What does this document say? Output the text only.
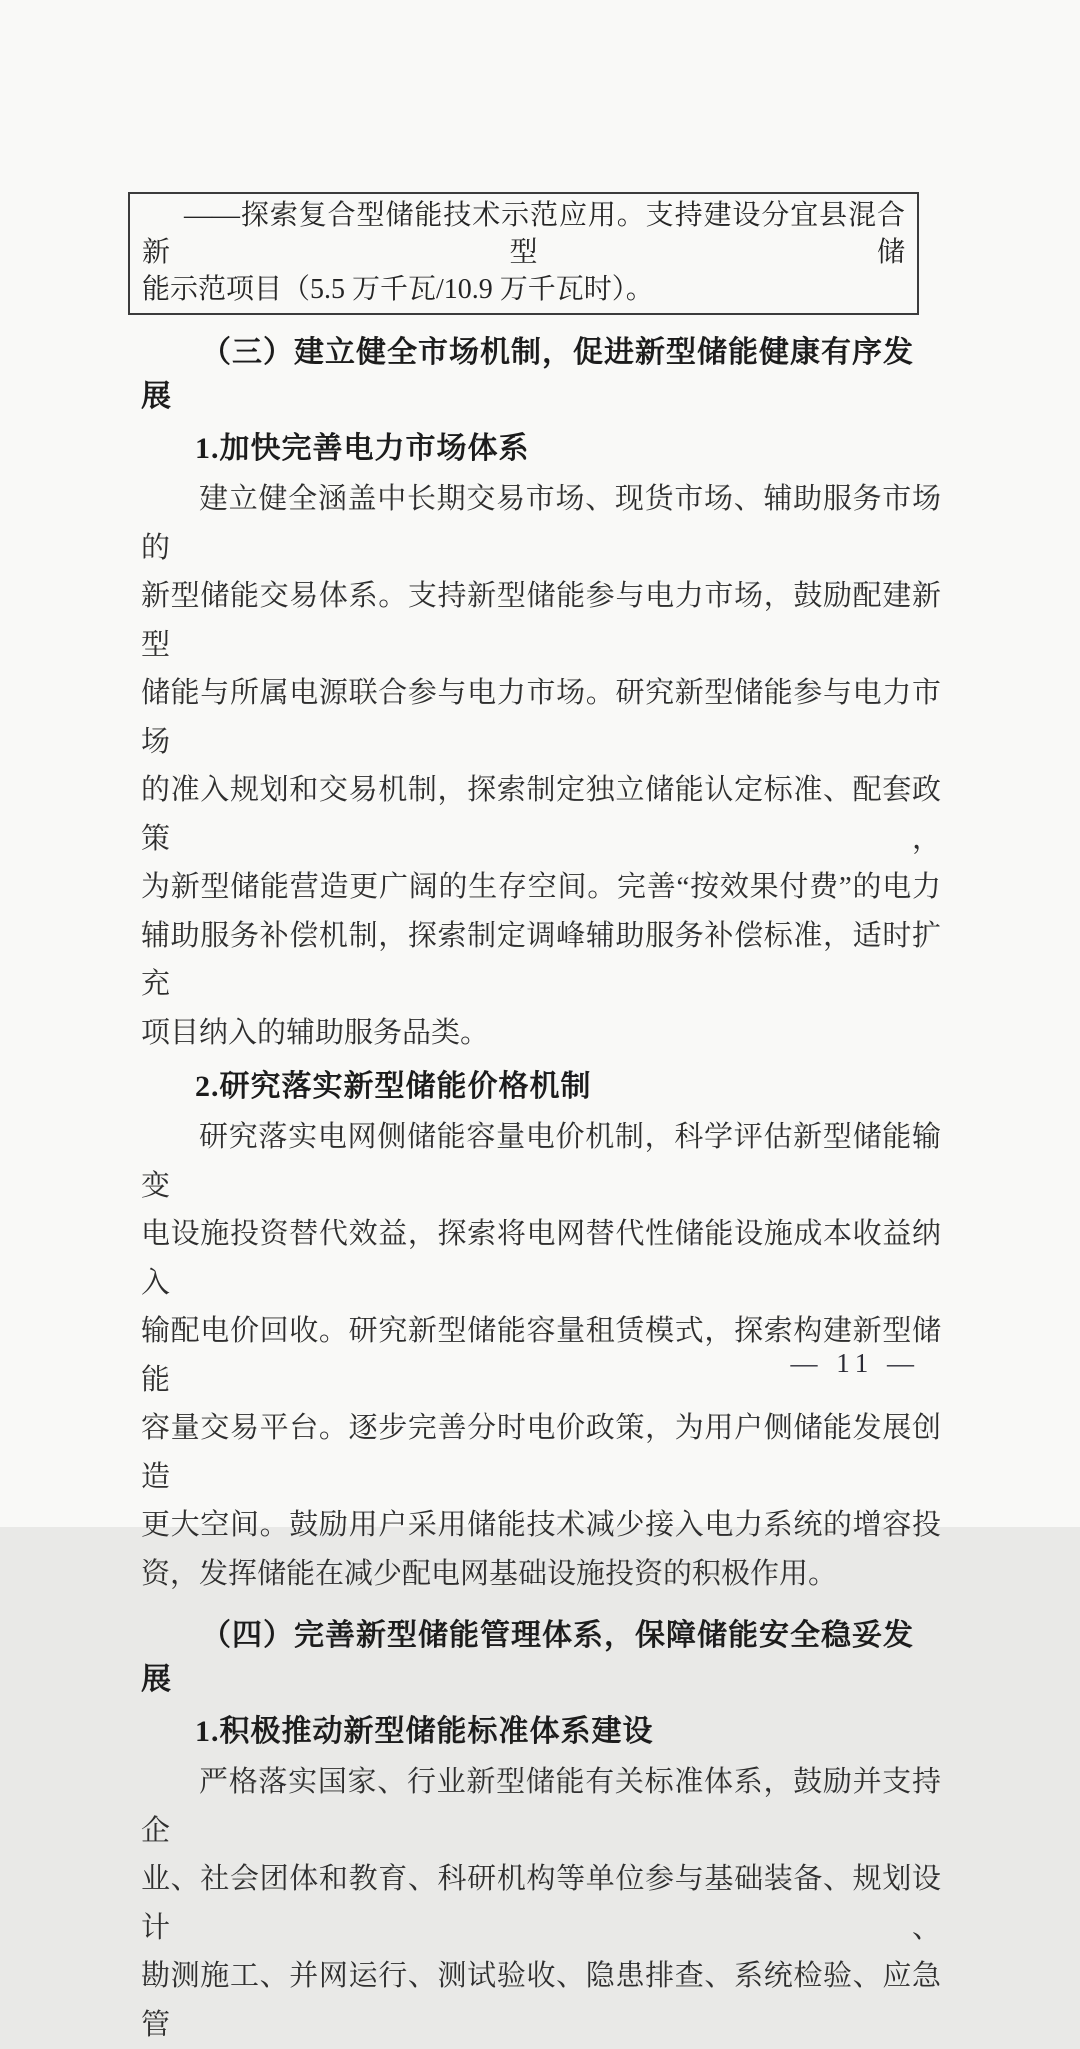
——探索复合型储能技术示范应用。支持建设分宜县混合新型储
能示范项目（5.5 万千瓦/10.9 万千瓦时）。
（三）建立健全市场机制，促进新型储能健康有序发展
1.加快完善电力市场体系
建立健全涵盖中长期交易市场、现货市场、辅助服务市场的
新型储能交易体系。支持新型储能参与电力市场，鼓励配建新型
储能与所属电源联合参与电力市场。研究新型储能参与电力市场
的准入规划和交易机制，探索制定独立储能认定标准、配套政策，
为新型储能营造更广阔的生存空间。完善“按效果付费”的电力
辅助服务补偿机制，探索制定调峰辅助服务补偿标准，适时扩充
项目纳入的辅助服务品类。
2.研究落实新型储能价格机制
研究落实电网侧储能容量电价机制，科学评估新型储能输变
电设施投资替代效益，探索将电网替代性储能设施成本收益纳入
输配电价回收。研究新型储能容量租赁模式，探索构建新型储能
容量交易平台。逐步完善分时电价政策，为用户侧储能发展创造
更大空间。鼓励用户采用储能技术减少接入电力系统的增容投
资，发挥储能在减少配电网基础设施投资的积极作用。
（四）完善新型储能管理体系，保障储能安全稳妥发展
1.积极推动新型储能标准体系建设
严格落实国家、行业新型储能有关标准体系，鼓励并支持企
业、社会团体和教育、科研机构等单位参与基础装备、规划设计、
勘测施工、并网运行、测试验收、隐患排查、系统检验、应急管
— 11 —
